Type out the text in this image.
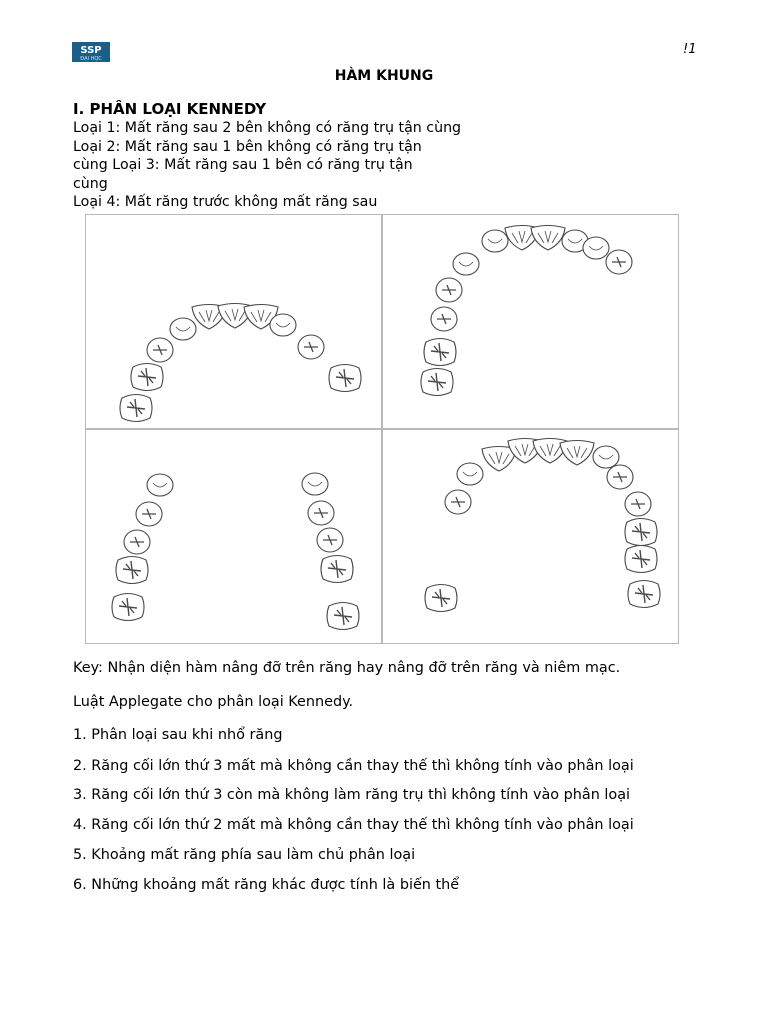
SSP
ĐẠI HỌC
!1
HÀM KHUNG
I. PHÂN LOẠI KENNEDY
Loại 1: Mất răng sau 2 bên không có răng trụ tận cùng
Loại 2: Mất răng sau 1 bên không có răng trụ tận
cùng Loại 3: Mất răng sau 1 bên có răng trụ tận
cùng
Loại 4: Mất răng trước không mất răng sau
Key: Nhận diện hàm nâng đỡ trên răng hay nâng đỡ trên răng và niêm mạc.
Luật Applegate cho phân loại Kennedy.
1. Phân loại sau khi nhổ răng
2. Răng cối lớn thứ 3 mất mà không cần thay thế thì không tính vào phân loại
3. Răng cối lớn thứ 3 còn mà không làm răng trụ thì không tính vào phân loại
4. Răng cối lớn thứ 2 mất mà không cần thay thế thì không tính vào phân loại
5. Khoảng mất răng phía sau làm chủ phân loại
6. Những khoảng mất răng khác được tính là biến thể
